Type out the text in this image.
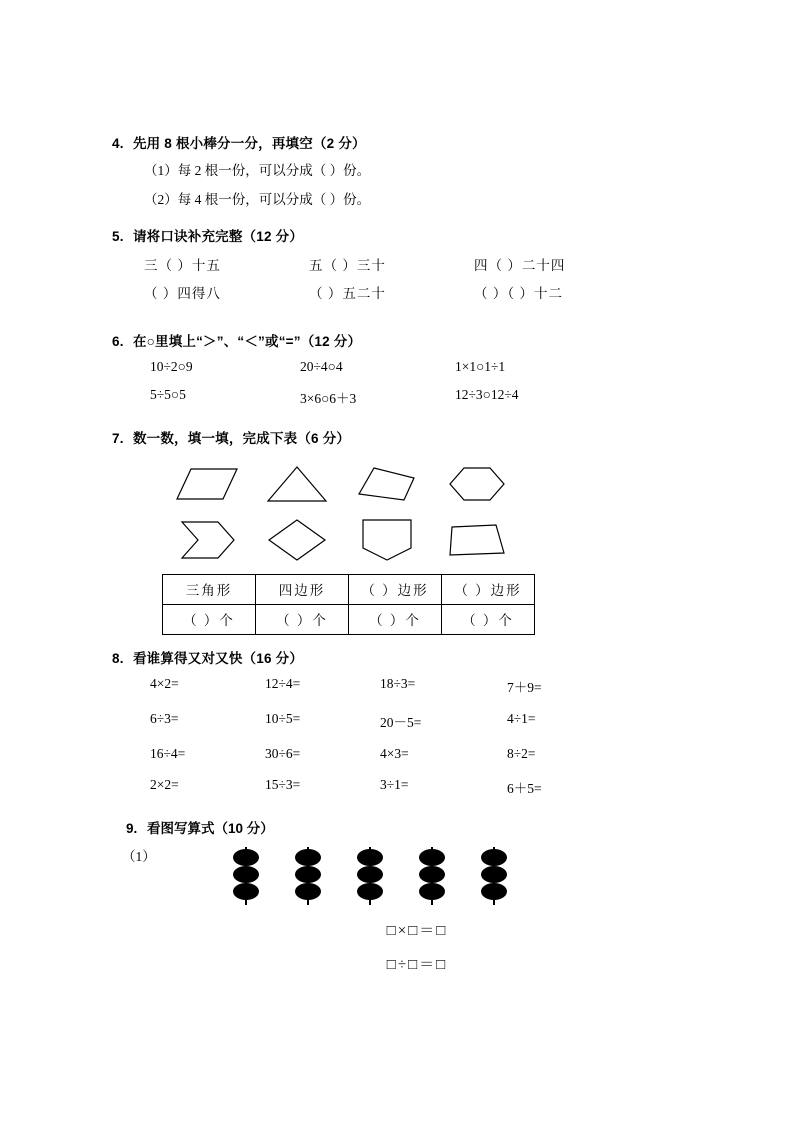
4. 先用 8 根小棒分一分，再填空（2 分）
（1）每 2 根一份，可以分成（ ）份。
（2）每 4 根一份，可以分成（ ）份。
5. 请将口诀补充完整（12 分）
三（ ）十五	五（ ）三十	四（ ）二十四
（ ）四得八	（ ）五二十	（ ）（ ）十二
6. 在○里填上“＞”、“＜”或“=”（12 分）
10÷2○9	20÷4○4	1×1○1÷1
5÷5○5	3×6○6＋3	12÷3○12÷4
7. 数一数，填一填，完成下表（6 分）
三角形	四边形	（ ）边形	（ ）边形
（ ）个	（ ）个	（ ）个	（ ）个
8. 看谁算得又对又快（16 分）
4×2=	12÷4=	18÷3=	7＋9=
6÷3=	10÷5=	20－5=	4÷1=
16÷4=	30÷6=	4×3=	8÷2=
2×2=	15÷3=	3÷1=	6＋5=
9. 看图写算式（10 分）
（1）
□×□＝□
□÷□＝□
